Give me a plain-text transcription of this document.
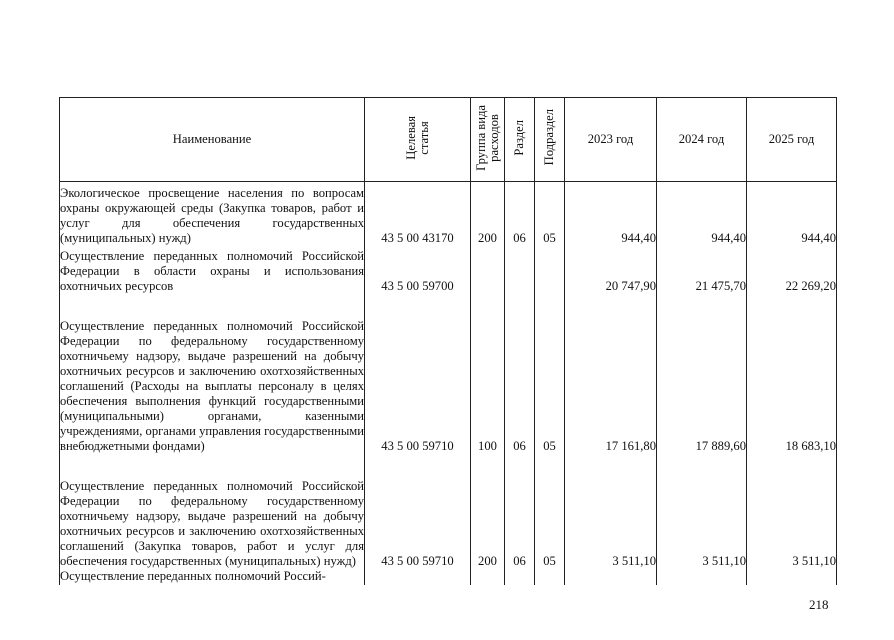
Наименование	Целевая статья	Группа вида расходов	Раздел	Подраздел	2023 год	2024 год	2025 год
Экологическое просвещение населения по вопросам охраны окружающей среды (Закупка товаров, работ и услуг для обеспечения государственных (муниципальных) нужд)	43 5 00 43170	200	06	05	944,40	944,40	944,40
Осуществление переданных полномочий Российской Федерации в области охраны и использования охотничьих ресурсов	43 5 00 59700				20 747,90	21 475,70	22 269,20
Осуществление переданных полномочий Российской Федерации по федеральному государственному охотничьему надзору, выдаче разрешений на добычу охотничьих ресурсов и заключению охотхозяйственных соглашений (Расходы на выплаты персоналу в целях обеспечения выполнения функций государственными (муниципальными) органами, казенными учреждениями, органами управления государственными внебюджетными фондами)	43 5 00 59710	100	06	05	17 161,80	17 889,60	18 683,10
Осуществление переданных полномочий Российской Федерации по федеральному государственному охотничьему надзору, выдаче разрешений на добычу охотничьих ресурсов и заключению охотхозяйственных соглашений (Закупка товаров, работ и услуг для обеспечения государственных (муниципальных) нужд)	43 5 00 59710	200	06	05	3 511,10	3 511,10	3 511,10
Осуществление переданных полномочий Россий-							
218
